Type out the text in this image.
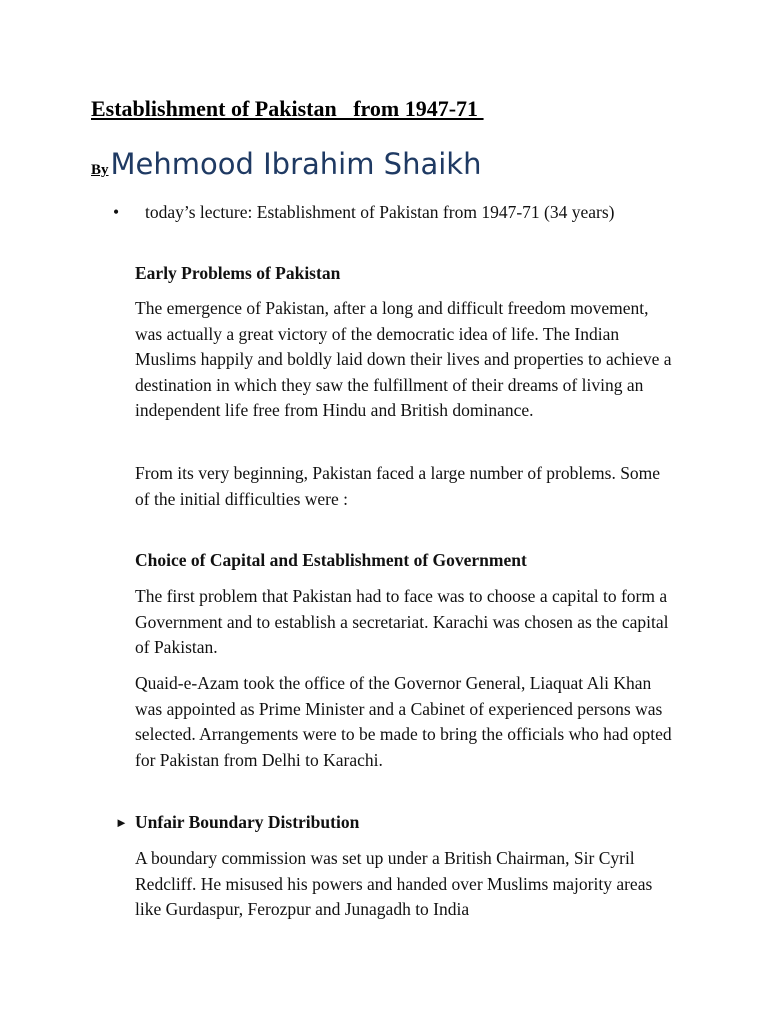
Establishment of Pakistan   from 1947-71
ByMehmood Ibrahim Shaikh
•	today’s lecture: Establishment of Pakistan from 1947-71 (34 years)
Early Problems of Pakistan
The emergence of Pakistan, after a long and difficult freedom movement, was actually a great victory of the democratic idea of life. The Indian Muslims happily and boldly laid down their lives and properties to achieve a destination in which they saw the fulfillment of their dreams of living an independent life free from Hindu and British dominance.
From its very beginning, Pakistan faced a large number of problems. Some of the initial difficulties were :
Choice of Capital and Establishment of Government
The first problem that Pakistan had to face was to choose a capital to form a Government and to establish a secretariat. Karachi was chosen as the capital of Pakistan.
Quaid-e-Azam took the office of the Governor General, Liaquat Ali Khan was appointed as Prime Minister and a Cabinet of experienced persons was selected. Arrangements were to be made to bring the officials who had opted for Pakistan from Delhi to Karachi.
► Unfair Boundary Distribution
A boundary commission was set up under a British Chairman, Sir Cyril Redcliff. He misused his powers and handed over Muslims majority areas like Gurdaspur, Ferozpur and Junagadh to India
